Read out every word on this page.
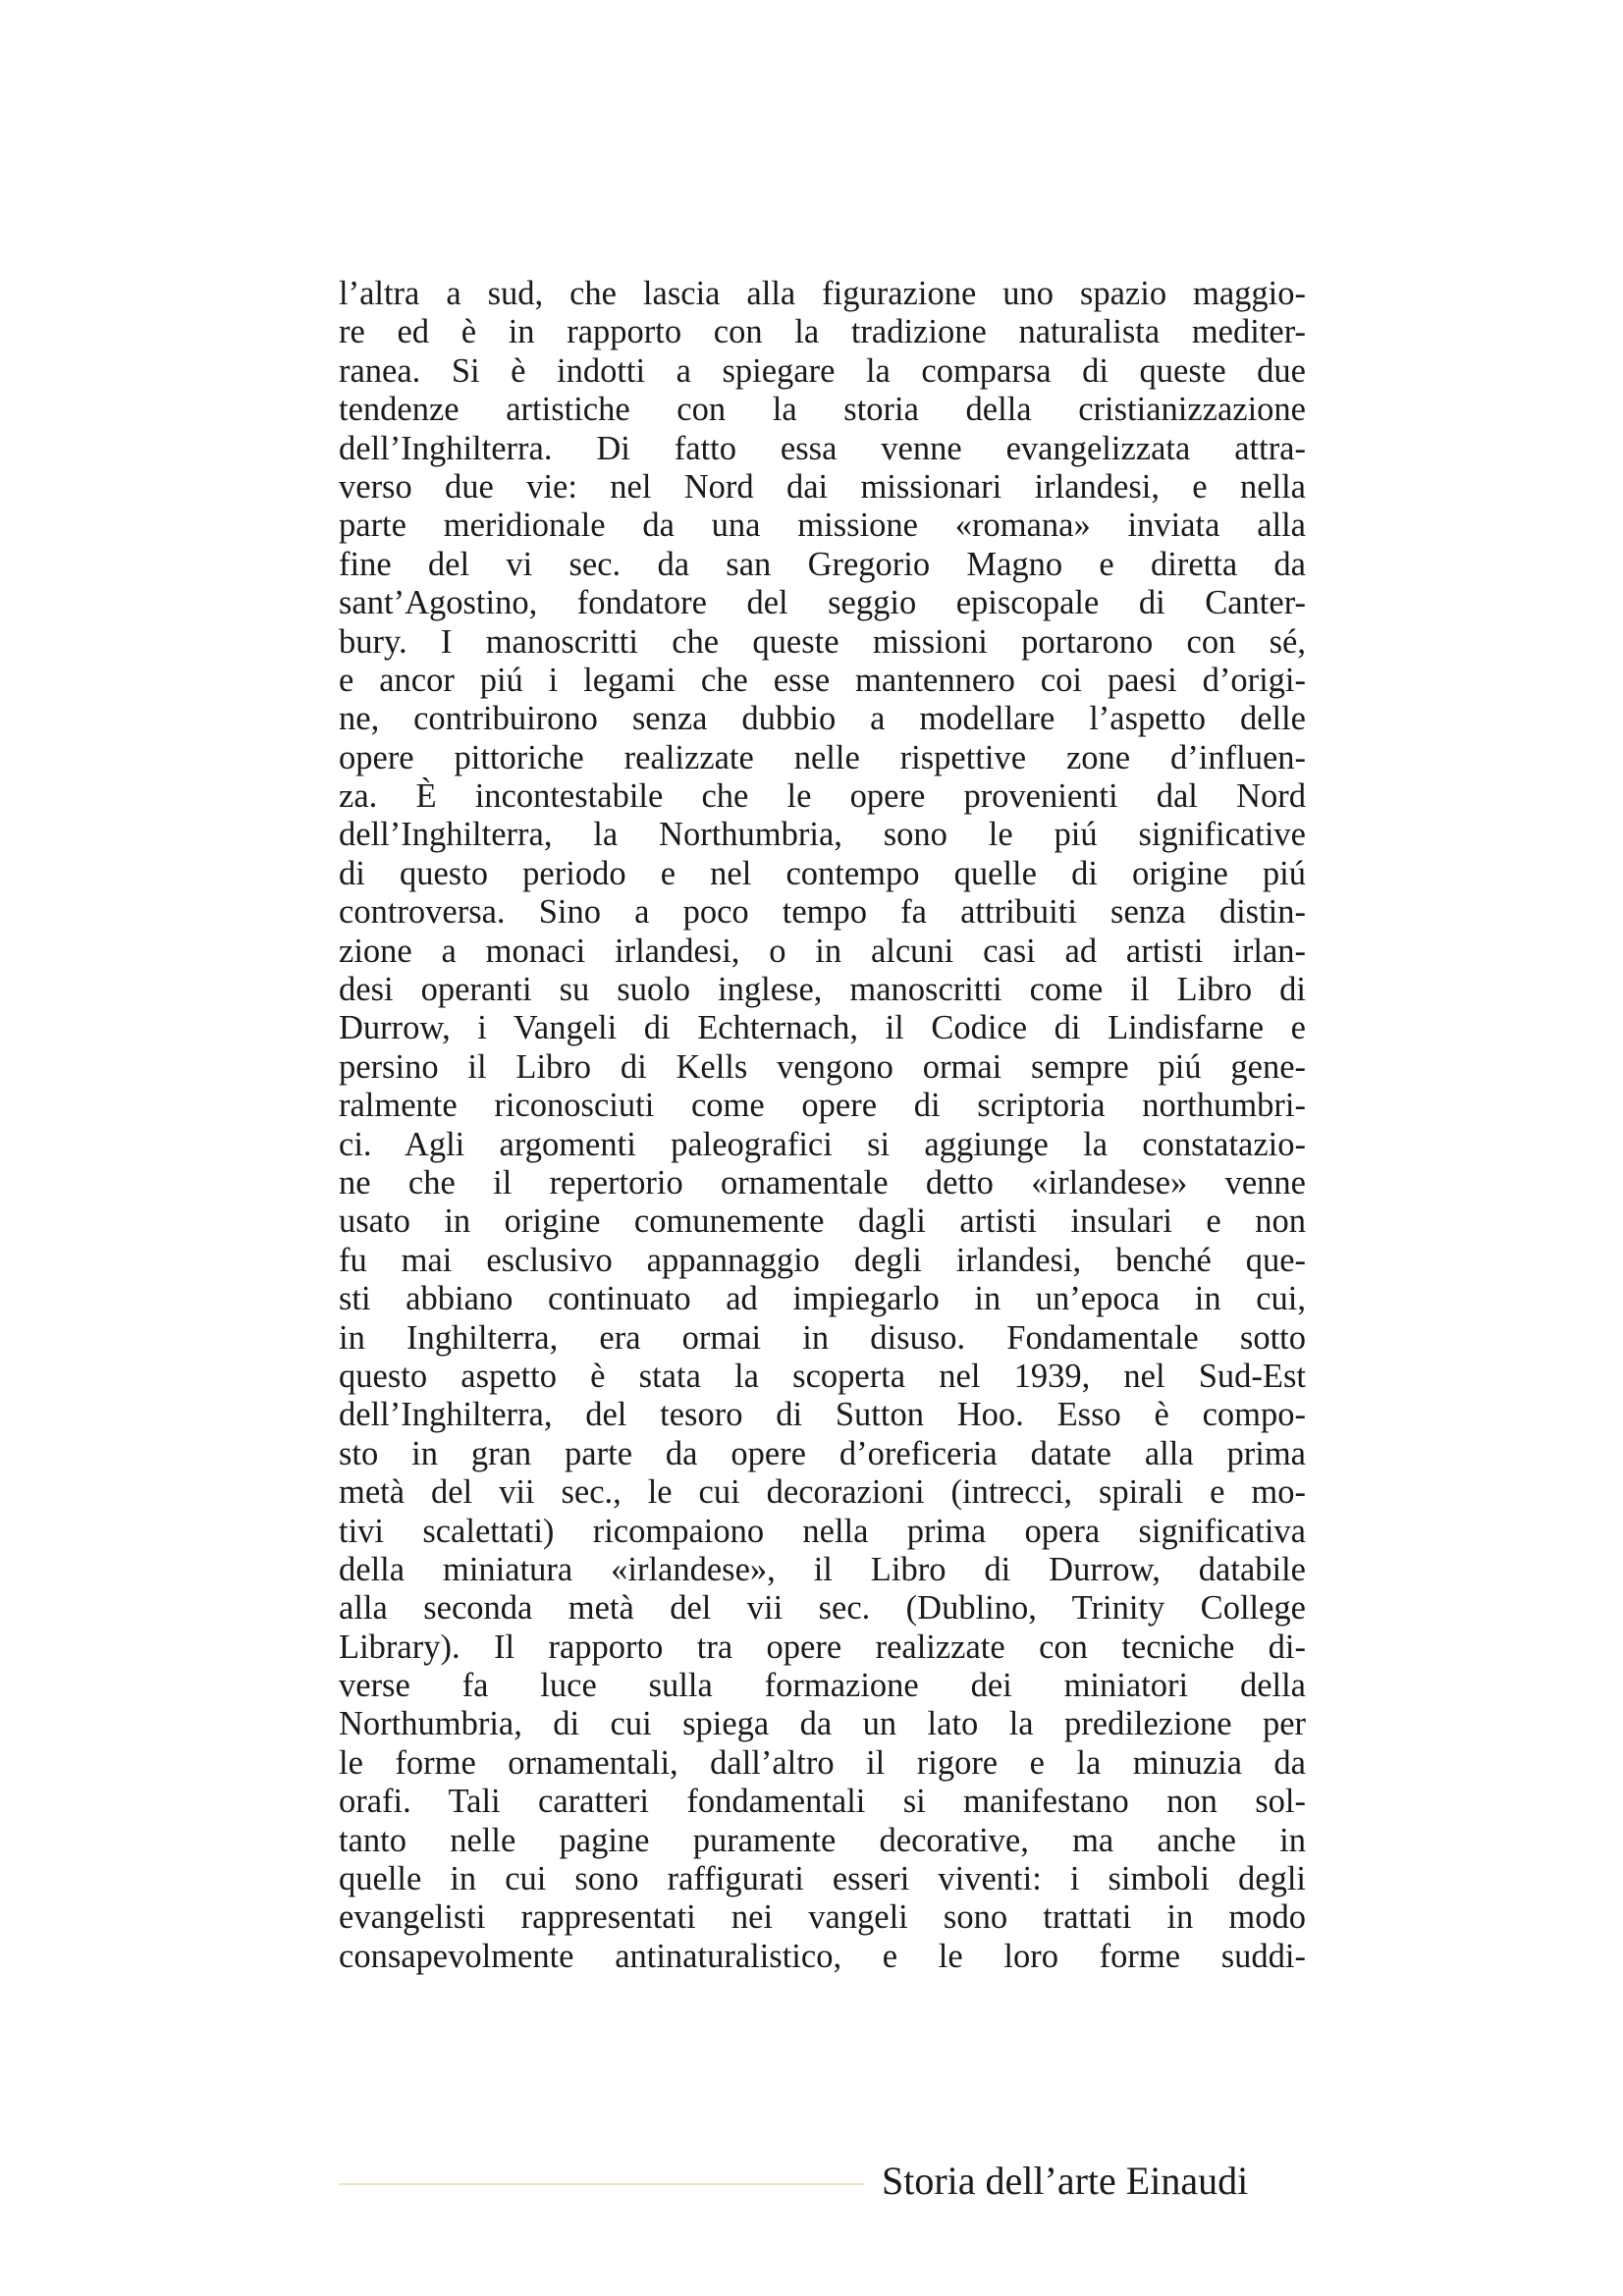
l’altra a sud, che lascia alla figurazione uno spazio maggio-
re ed è in rapporto con la tradizione naturalista mediter-
ranea. Si è indotti a spiegare la comparsa di queste due
tendenze artistiche con la storia della cristianizzazione
dell’Inghilterra. Di fatto essa venne evangelizzata attra-
verso due vie: nel Nord dai missionari irlandesi, e nella
parte meridionale da una missione «romana» inviata alla
fine del vi sec. da san Gregorio Magno e diretta da
sant’Agostino, fondatore del seggio episcopale di Canter-
bury. I manoscritti che queste missioni portarono con sé,
e ancor piú i legami che esse mantennero coi paesi d’origi-
ne, contribuirono senza dubbio a modellare l’aspetto delle
opere pittoriche realizzate nelle rispettive zone d’influen-
za. È incontestabile che le opere provenienti dal Nord
dell’Inghilterra, la Northumbria, sono le piú significative
di questo periodo e nel contempo quelle di origine piú
controversa. Sino a poco tempo fa attribuiti senza distin-
zione a monaci irlandesi, o in alcuni casi ad artisti irlan-
desi operanti su suolo inglese, manoscritti come il Libro di
Durrow, i Vangeli di Echternach, il Codice di Lindisfarne e
persino il Libro di Kells vengono ormai sempre piú gene-
ralmente riconosciuti come opere di scriptoria northumbri-
ci. Agli argomenti paleografici si aggiunge la constatazio-
ne che il repertorio ornamentale detto «irlandese» venne
usato in origine comunemente dagli artisti insulari e non
fu mai esclusivo appannaggio degli irlandesi, benché que-
sti abbiano continuato ad impiegarlo in un’epoca in cui,
in Inghilterra, era ormai in disuso. Fondamentale sotto
questo aspetto è stata la scoperta nel 1939, nel Sud-Est
dell’Inghilterra, del tesoro di Sutton Hoo. Esso è compo-
sto in gran parte da opere d’oreficeria datate alla prima
metà del vii sec., le cui decorazioni (intrecci, spirali e mo-
tivi scalettati) ricompaiono nella prima opera significativa
della miniatura «irlandese», il Libro di Durrow, databile
alla seconda metà del vii sec. (Dublino, Trinity College
Library). Il rapporto tra opere realizzate con tecniche di-
verse fa luce sulla formazione dei miniatori della
Northumbria, di cui spiega da un lato la predilezione per
le forme ornamentali, dall’altro il rigore e la minuzia da
orafi. Tali caratteri fondamentali si manifestano non sol-
tanto nelle pagine puramente decorative, ma anche in
quelle in cui sono raffigurati esseri viventi: i simboli degli
evangelisti rappresentati nei vangeli sono trattati in modo
consapevolmente antinaturalistico, e le loro forme suddi-
Storia dell’arte Einaudi
